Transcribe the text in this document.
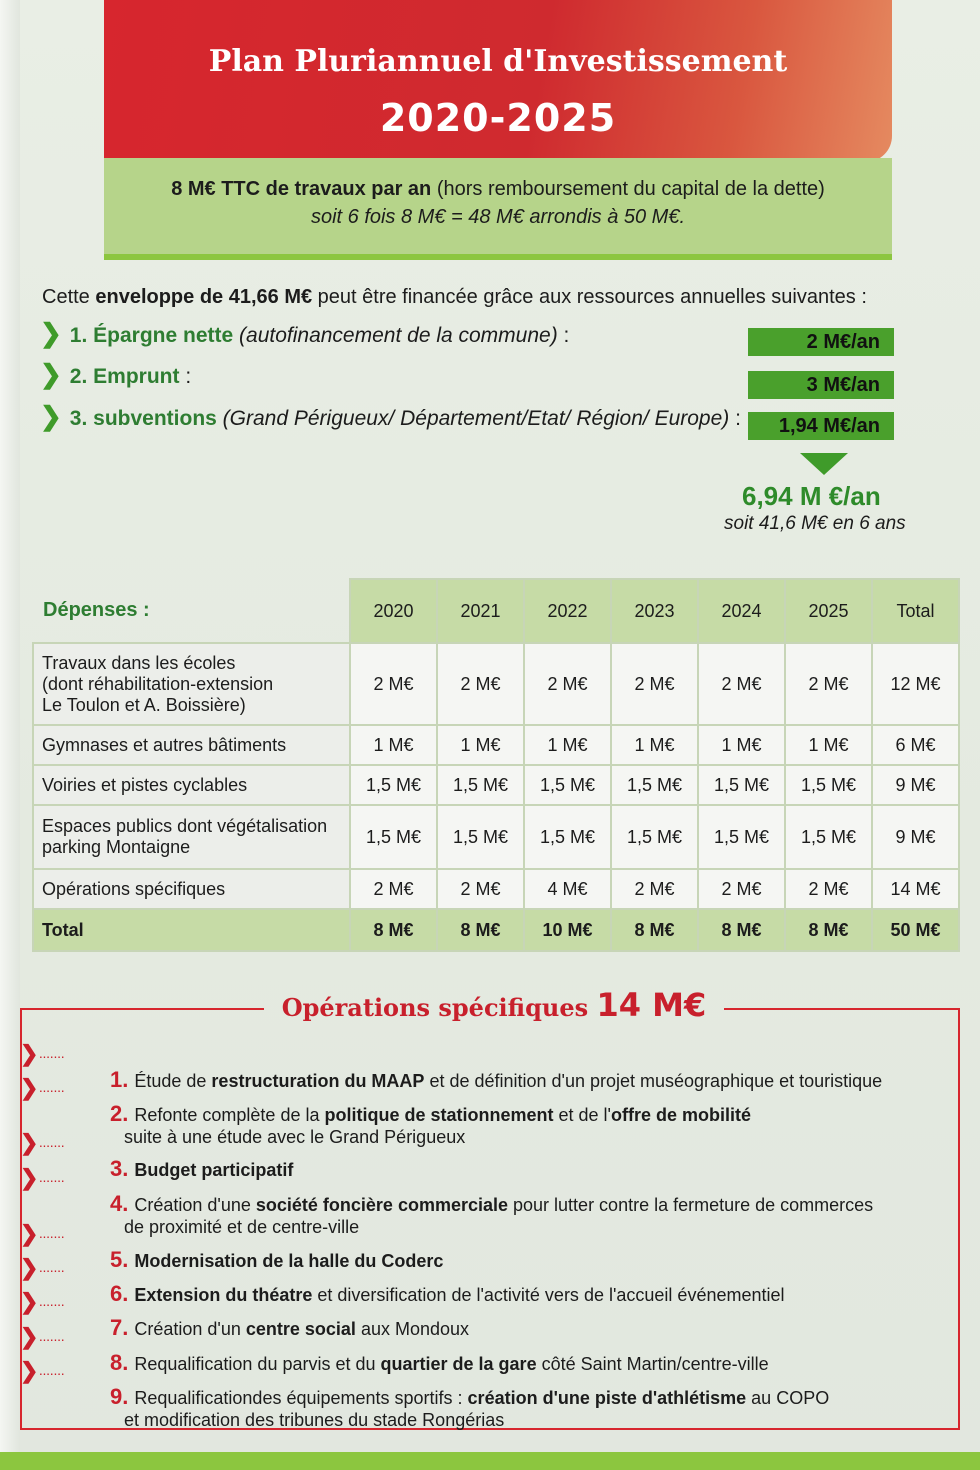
Plan Pluriannuel d'Investissement
2020-2025
8 M€ TTC de travaux par an (hors remboursement du capital de la dette)
soit 6 fois 8 M€ = 48 M€ arrondis à 50 M€.
Cette enveloppe de 41,66 M€ peut être financée grâce aux ressources annuelles suivantes :
❯ 1. Épargne nette (autofinancement de la commune) :	2 M€/an
❯ 2. Emprunt :	3 M€/an
❯ 3. subventions (Grand Périgueux/ Département/Etat/ Région/ Europe) :	1,94 M€/an
6,94 M €/an
soit 41,6 M€ en 6 ans
Dépenses :	2020	2021	2022	2023	2024	2025	Total

Travaux dans les écoles
(dont réhabilitation-extension
Le Toulon et A. Boissière)	2 M€	2 M€	2 M€	2 M€	2 M€	2 M€	12 M€
Gymnases et autres bâtiments	1 M€	1 M€	1 M€	1 M€	1 M€	1 M€	6 M€
Voiries et pistes cyclables	1,5 M€	1,5 M€	1,5 M€	1,5 M€	1,5 M€	1,5 M€	9 M€

Espaces publics dont végétalisation
parking Montaigne	1,5 M€	1,5 M€	1,5 M€	1,5 M€	1,5 M€	1,5 M€	9 M€
Opérations spécifiques	2 M€	2 M€	4 M€	2 M€	2 M€	2 M€	14 M€
Total	8 M€	8 M€	10 M€	8 M€	8 M€	8 M€	50 M€
Opérations spécifiques 14 M€
❯·······
1. Étude de restructuration du MAAP et de définition d'un projet muséographique et touristique
❯·······
2. Refonte complète de la politique de stationnement et de l'offre de mobilité
suite à une étude avec le Grand Périgueux
❯·······
3. Budget participatif
❯·······
4. Création d'une société foncière commerciale pour lutter contre la fermeture de commerces
de proximité et de centre-ville
❯·······
5. Modernisation de la halle du Coderc
❯·······
6. Extension du théatre et diversification de l'activité vers de l'accueil événementiel
❯·······
7. Création d'un centre social aux Mondoux
❯·······
8. Requalification du parvis et du quartier de la gare côté Saint Martin/centre-ville
❯·······
9. Requalificationdes équipements sportifs : création d'une piste d'athlétisme au COPO
et modification des tribunes du stade Rongérias
